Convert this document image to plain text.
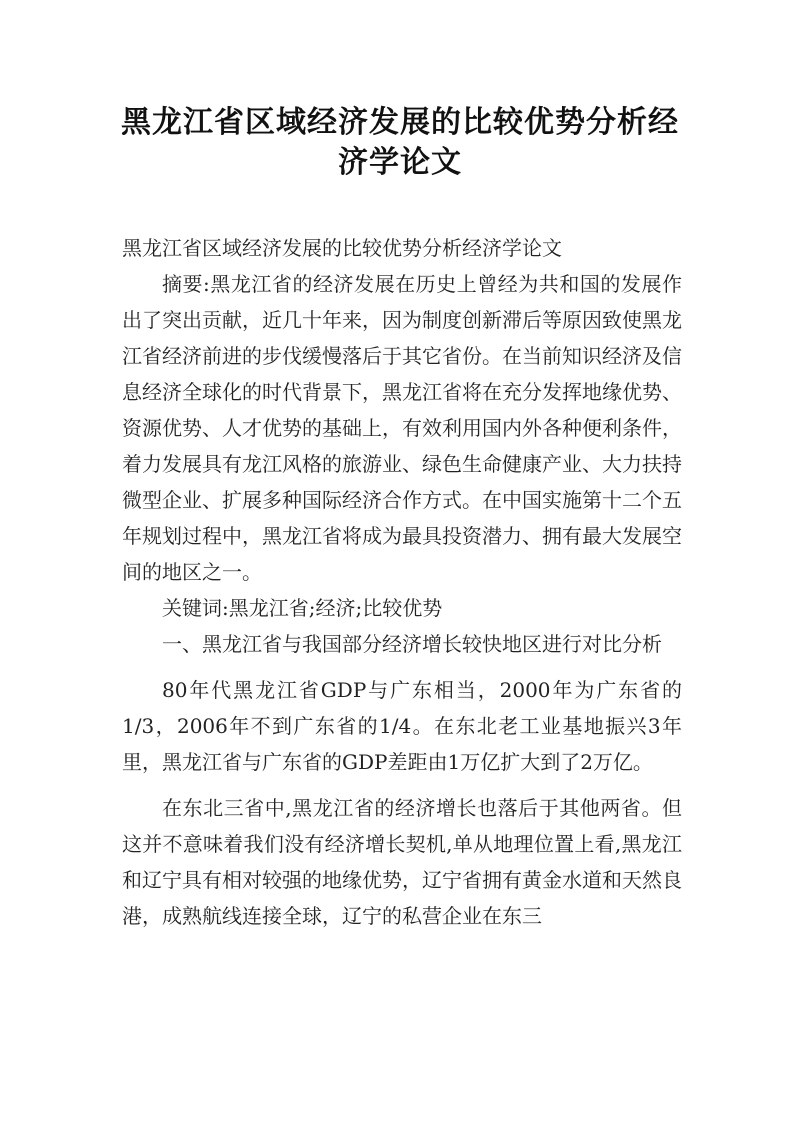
黑龙江省区域经济发展的比较优势分析经
济学论文

黑龙江省区域经济发展的比较优势分析经济学论文

摘要:黑龙江省的经济发展在历史上曾经为共和国的发展作出了突出贡献，近几十年来，因为制度创新滞后等原因致使黑龙江省经济前进的步伐缓慢落后于其它省份。在当前知识经济及信息经济全球化的时代背景下，黑龙江省将在充分发挥地缘优势、资源优势、人才优势的基础上，有效利用国内外各种便利条件，着力发展具有龙江风格的旅游业、绿色生命健康产业、大力扶持微型企业、扩展多种国际经济合作方式。在中国实施第十二个五年规划过程中，黑龙江省将成为最具投资潜力、拥有最大发展空间的地区之一。

关键词:黑龙江省;经济;比较优势

一、黑龙江省与我国部分经济增长较快地区进行对比分析

80年代黑龙江省GDP与广东相当，2000年为广东省的1/3，2006年不到广东省的1/4。在东北老工业基地振兴3年里，黑龙江省与广东省的GDP差距由1万亿扩大到了2万亿。

在东北三省中,黑龙江省的经济增长也落后于其他两省。但这并不意味着我们没有经济增长契机,单从地理位置上看,黑龙江和辽宁具有相对较强的地缘优势，辽宁省拥有黄金水道和天然良港，成熟航线连接全球，辽宁的私营企业在东三
